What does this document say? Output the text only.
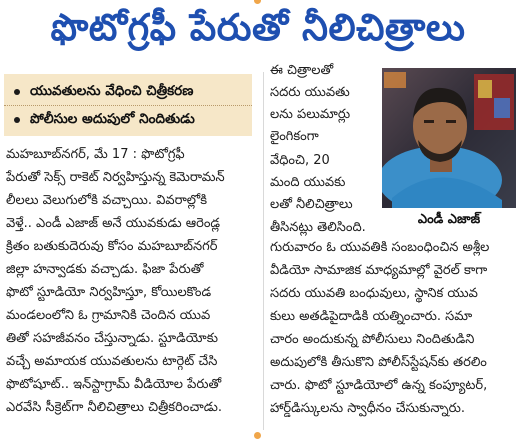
ఫొటోగ్రఫీ పేరుతో నీలిచిత్రాలు
యువతులను వేధించి చిత్రీకరణ
పోలీసుల అదుపులో నిందితుడు
మహబూబ్‌నగర్, మే 17 : ఫొటోగ్రఫీ
పేరుతో సెక్స్ రాకెట్ నిర్వహిస్తున్న కెమెరామన్
లీలలు వెలుగులోకి వచ్చాయి. వివరాల్లోకి
వెళ్తే.. ఎండీ ఎజాజ్ అనే యువకుడు ఆరెండ్ల
క్రితం బతుకుదెరువు కోసం మహబూబ్‌నగర్
జిల్లా హన్వాడకు వచ్చాడు. ఫిజా పేరుతో
ఫొటో స్టూడియో నిర్వహిస్తూ, కోయిలకొండ
మండలంలోని ఓ గ్రామానికి చెందిన యువ
తితో సహజీవనం చేస్తున్నాడు. స్టూడియోకు
వచ్చే అమాయక యువతులను టార్గెట్ చేసి
ఫొటోషూట్.. ఇన్‌స్టాగ్రామ్ వీడియోల పేరుతో
ఎరవేసి సీక్రెట్‌గా నీలిచిత్రాలు చిత్రీకరించాడు.
ఈ చిత్రాలతో
సదరు యువతు
లను పలుమార్లు
లైంగికంగా
వేధించి, 20
మంది యువకు
లతో నీలిచిత్రాలు
తీసినట్లు తెలిసింది.
ఎండీ ఎజాజ్
గురువారం ఓ యువతికి సంబంధించిన అశ్లీల
వీడియో సామాజిక మాధ్యమాల్లో వైరల్ కాగా
సదరు యువతి బంధువులు, స్థానిక యువ
కులు అతడిపైదాడికి యత్నించారు. సమా
చారం అందుకున్న పోలీసులు నిందితుడిని
అదుపులోకి తీసుకొని పోలీస్‌స్టేషన్‌కు తరలిం
చారు. ఫొటో స్టూడియోలో ఉన్న కంప్యూటర్,
హార్డ్‌డిస్కులను స్వాధీనం చేసుకున్నారు.
